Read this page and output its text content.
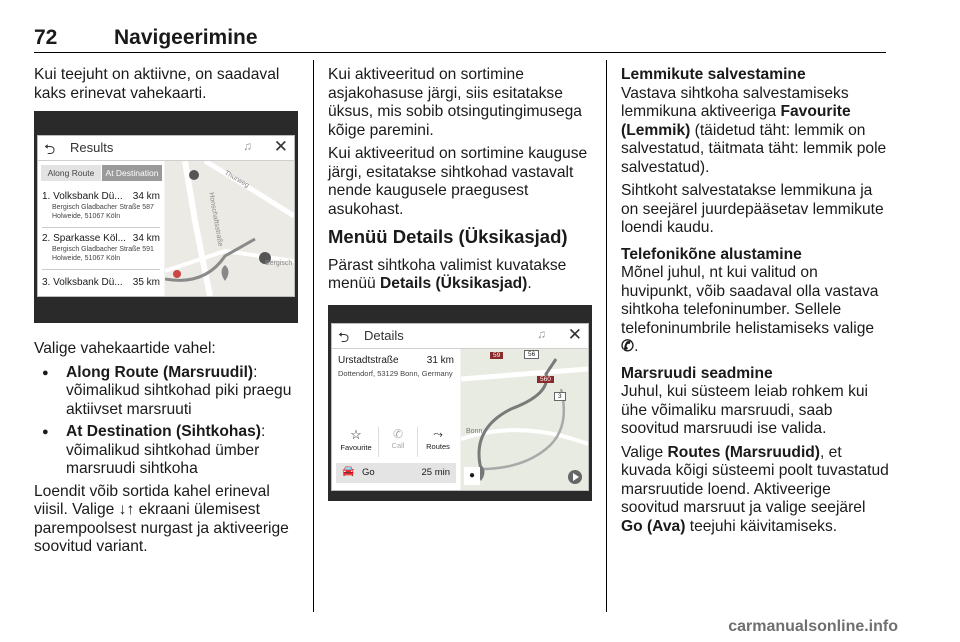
72	Navigeerimine

Kui teejuht on aktiivne, on saadaval kaks erinevat vahekaarti.

⮌ Results	♫ ✕
Along Route	At Destination
1. Volksbank Dü... 34 km
Bergisch Gladbacher Straße 587
Holweide, 51067 Köln
2. Sparkasse Köl... 34 km
Bergisch Gladbacher Straße 591
Holweide, 51067 Köln
3. Volksbank Dü... 35 km
Thurweg
Honschaftsstraße
Bergisch

Valige vahekaartide vahel:

● Along Route (Marsruudil):
võimalikud sihtkohad piki praegu aktiivset marsruuti
● At Destination (Sihtkohas):
võimalikud sihtkohad ümber marsruudi sihtkoha

Loendit võib sortida kahel erineval viisil. Valige ↓↑ ekraani ülemisest parempoolsest nurgast ja aktiveerige soovitud variant.

Kui aktiveeritud on sortimine asjakohasuse järgi, siis esitatakse üksus, mis sobib otsingutingimusega kõige paremini.

Kui aktiveeritud on sortimine kauguse järgi, esitatakse sihtkohad vastavalt nende kaugusele praegusest asukohast.

Menüü Details (Üksikasjad)

Pärast sihtkoha valimist kuvatakse menüü Details (Üksikasjad).

⮌ Details	♫ ✕
Urstadtstraße	31 km
Dottendorf, 53129 Bonn, Germany
☆
Favourite
✆
Call
⤳
Routes
🚘 Go	25 min
59	56
560
3
Bonn
●
Lemmikute salvestamine

Vastava sihtkoha salvestamiseks lemmikuna aktiveeriga Favourite (Lemmik) (täidetud täht: lemmik on salvestatud, täitmata täht: lemmik pole salvestatud).

Sihtkoht salvestatakse lemmikuna ja on seejärel juurdepääsetav lemmikute loendi kaudu.

Telefonikõne alustamine

Mõnel juhul, nt kui valitud on huvipunkt, võib saadaval olla vastava sihtkoha telefoninumber. Sellele telefoninumbrile helistamiseks valige ✆.

Marsruudi seadmine

Juhul, kui süsteem leiab rohkem kui ühe võimaliku marsruudi, saab soovitud marsruudi ise valida.

Valige Routes (Marsruudid), et kuvada kõigi süsteemi poolt tuvastatud marsruutide loend. Aktiveerige soovitud marsruut ja valige seejärel Go (Ava) teejuhi käivitamiseks.

carmanualsonline.info
